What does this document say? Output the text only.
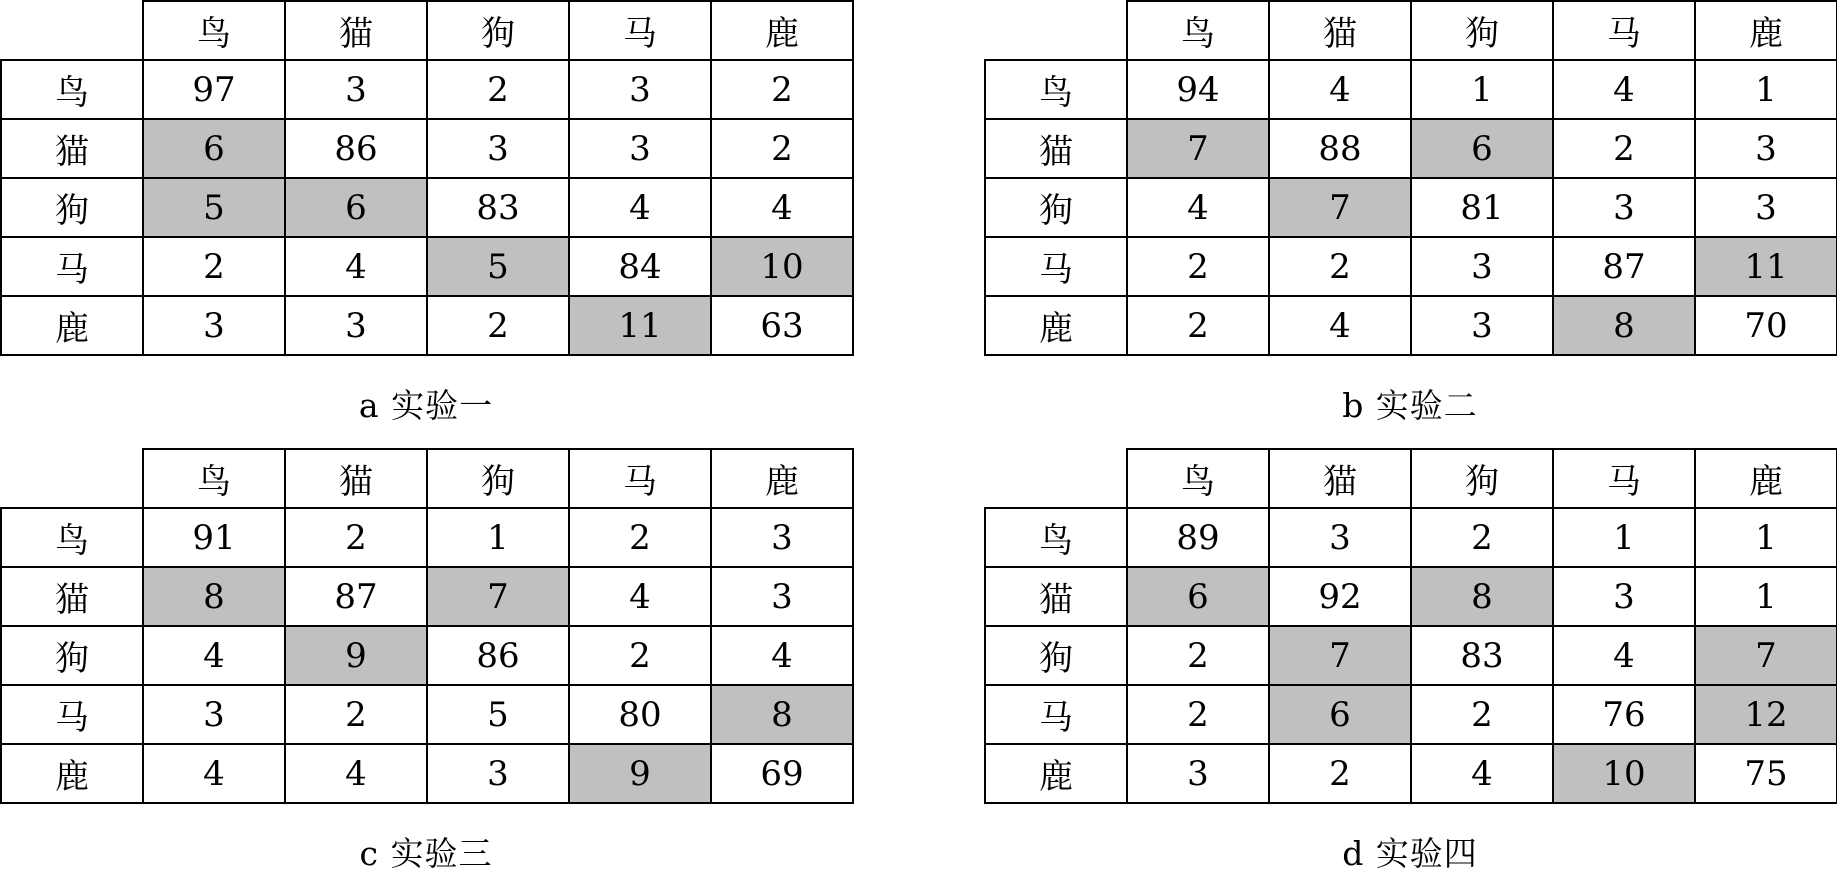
	鸟	猫	狗	马	鹿
鸟	97	3	2	3	2
猫	6	86	3	3	2
狗	5	6	83	4	4
马	2	4	5	84	10
鹿	3	3	2	11	63
a 实验一
	鸟	猫	狗	马	鹿
鸟	94	4	1	4	1
猫	7	88	6	2	3
狗	4	7	81	3	3
马	2	2	3	87	11
鹿	2	4	3	8	70
b 实验二
	鸟	猫	狗	马	鹿
鸟	91	2	1	2	3
猫	8	87	7	4	3
狗	4	9	86	2	4
马	3	2	5	80	8
鹿	4	4	3	9	69
c 实验三
	鸟	猫	狗	马	鹿
鸟	89	3	2	1	1
猫	6	92	8	3	1
狗	2	7	83	4	7
马	2	6	2	76	12
鹿	3	2	4	10	75
d 实验四
